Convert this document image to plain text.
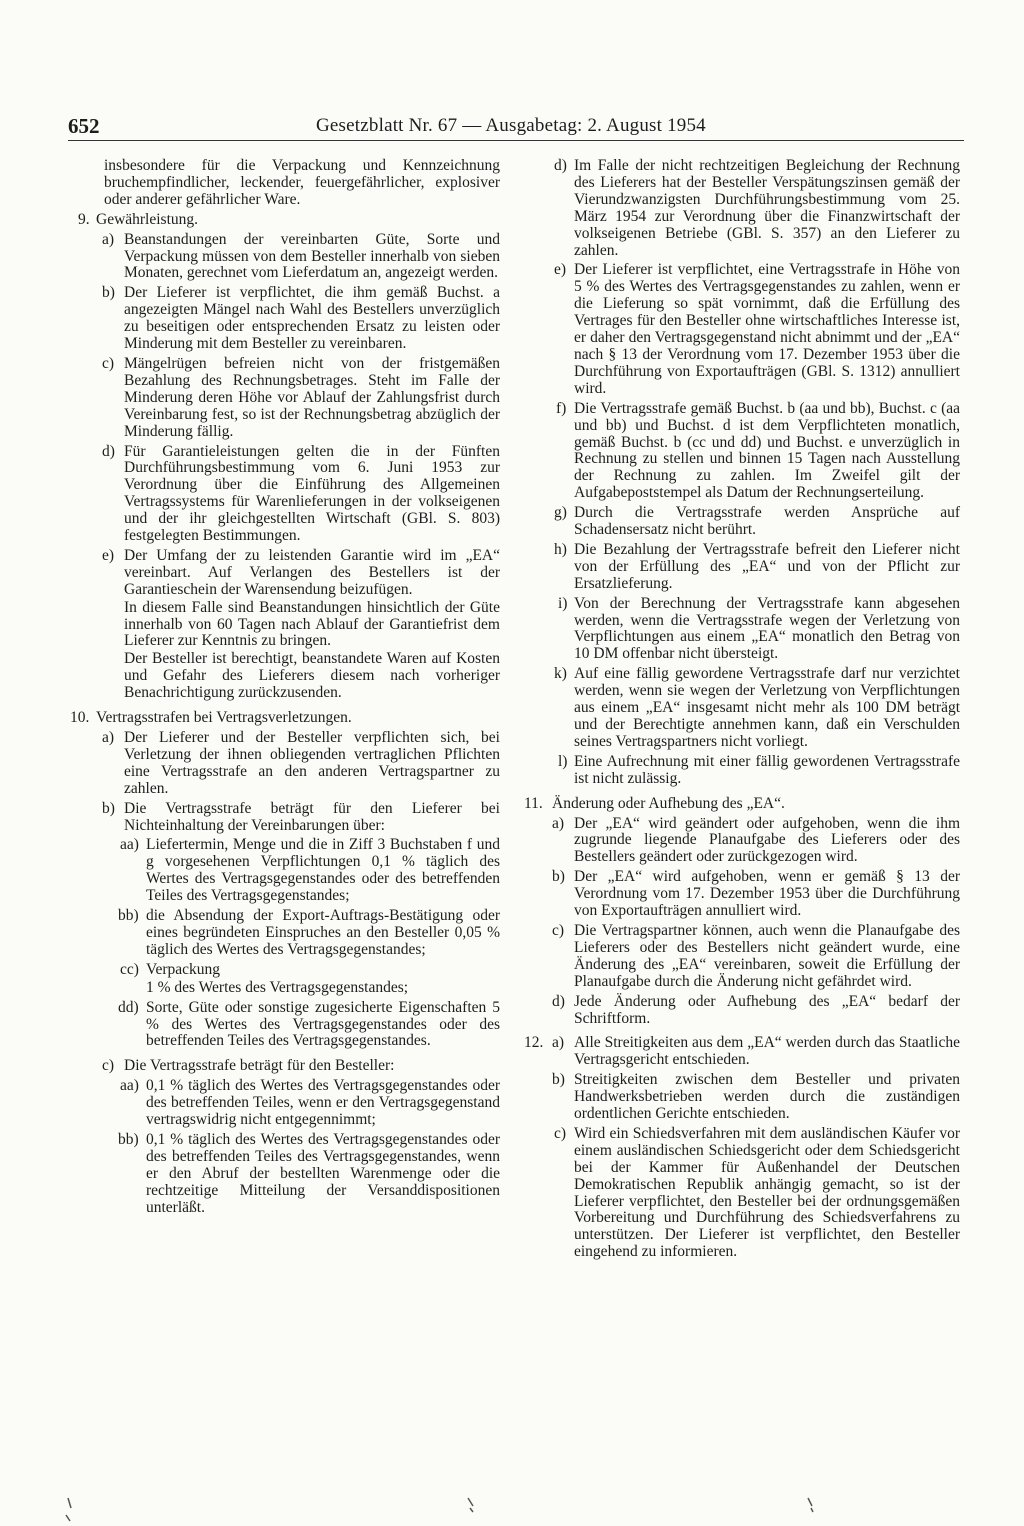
652	Gesetzblatt Nr. 67 — Ausgabetag: 2. August 1954

insbesondere für die Verpackung und Kennzeichnung bruchempfindlicher, leckender, feuergefährlicher, explosiver oder anderer gefährlicher Ware.

9. Gewährleistung.

a) Beanstandungen der vereinbarten Güte, Sorte und Verpackung müssen von dem Besteller innerhalb von sieben Monaten, gerechnet vom Lieferdatum an, angezeigt werden.

b) Der Lieferer ist verpflichtet, die ihm gemäß Buchst. a angezeigten Mängel nach Wahl des Bestellers unverzüglich zu beseitigen oder entsprechenden Ersatz zu leisten oder Minderung mit dem Besteller zu vereinbaren.

c) Mängelrügen befreien nicht von der fristgemäßen Bezahlung des Rechnungsbetrages. Steht im Falle der Minderung deren Höhe vor Ablauf der Zahlungsfrist durch Vereinbarung fest, so ist der Rechnungsbetrag abzüglich der Minderung fällig.

d) Für Garantieleistungen gelten die in der Fünften Durchführungsbestimmung vom 6. Juni 1953 zur Verordnung über die Einführung des Allgemeinen Vertragssystems für Warenlieferungen in der volkseigenen und der ihr gleichgestellten Wirtschaft (GBl. S. 803) festgelegten Bestimmungen.

e) Der Umfang der zu leistenden Garantie wird im „EA“ vereinbart. Auf Verlangen des Bestellers ist der Garantieschein der Warensendung beizufügen.

In diesem Falle sind Beanstandungen hinsichtlich der Güte innerhalb von 60 Tagen nach Ablauf der Garantiefrist dem Lieferer zur Kenntnis zu bringen.

Der Besteller ist berechtigt, beanstandete Waren auf Kosten und Gefahr des Lieferers diesem nach vorheriger Benachrichtigung zurückzusenden.

10. Vertragsstrafen bei Vertragsverletzungen.

a) Der Lieferer und der Besteller verpflichten sich, bei Verletzung der ihnen obliegenden vertraglichen Pflichten eine Vertragsstrafe an den anderen Vertragspartner zu zahlen.

b) Die Vertragsstrafe beträgt für den Lieferer bei Nichteinhaltung der Vereinbarungen über:

aa) Liefertermin, Menge und die in Ziff 3 Buchstaben f und g vorgesehenen Verpflichtungen 0,1 % täglich des Wertes des Vertragsgegenstandes oder des betreffenden Teiles des Vertragsgegenstandes;

bb) die Absendung der Export-Auftrags-Bestätigung oder eines begründeten Einspruches an den Besteller 0,05 % täglich des Wertes des Vertragsgegenstandes;

cc) Verpackung

1 % des Wertes des Vertragsgegenstandes;

dd) Sorte, Güte oder sonstige zugesicherte Eigenschaften 5 % des Wertes des Vertragsgegenstandes oder des betreffenden Teiles des Vertragsgegenstandes.

c) Die Vertragsstrafe beträgt für den Besteller:

aa) 0,1 % täglich des Wertes des Vertragsgegenstandes oder des betreffenden Teiles, wenn er den Vertragsgegenstand vertragswidrig nicht entgegennimmt;

bb) 0,1 % täglich des Wertes des Vertragsgegenstandes oder des betreffenden Teiles des Vertragsgegenstandes, wenn er den Abruf der bestellten Warenmenge oder die rechtzeitige Mitteilung der Versanddispositionen unterläßt.

d) Im Falle der nicht rechtzeitigen Begleichung der Rechnung des Lieferers hat der Besteller Verspätungszinsen gemäß der Vierundzwanzigsten Durchführungsbestimmung vom 25. März 1954 zur Verordnung über die Finanzwirtschaft der volkseigenen Betriebe (GBl. S. 357) an den Lieferer zu zahlen.

e) Der Lieferer ist verpflichtet, eine Vertragsstrafe in Höhe von 5 % des Wertes des Vertragsgegenstandes zu zahlen, wenn er die Lieferung so spät vornimmt, daß die Erfüllung des Vertrages für den Besteller ohne wirtschaftliches Interesse ist, er daher den Vertragsgegenstand nicht abnimmt und der „EA“ nach § 13 der Verordnung vom 17. Dezember 1953 über die Durchführung von Exportaufträgen (GBl. S. 1312) annulliert wird.

f) Die Vertragsstrafe gemäß Buchst. b (aa und bb), Buchst. c (aa und bb) und Buchst. d ist dem Verpflichteten monatlich, gemäß Buchst. b (cc und dd) und Buchst. e unverzüglich in Rechnung zu stellen und binnen 15 Tagen nach Ausstellung der Rechnung zu zahlen. Im Zweifel gilt der Aufgabepoststempel als Datum der Rechnungserteilung.

g) Durch die Vertragsstrafe werden Ansprüche auf Schadensersatz nicht berührt.

h) Die Bezahlung der Vertragsstrafe befreit den Lieferer nicht von der Erfüllung des „EA“ und von der Pflicht zur Ersatzlieferung.

i) Von der Berechnung der Vertragsstrafe kann abgesehen werden, wenn die Vertragsstrafe wegen der Verletzung von Verpflichtungen aus einem „EA“ monatlich den Betrag von 10 DM offenbar nicht übersteigt.

k) Auf eine fällig gewordene Vertragsstrafe darf nur verzichtet werden, wenn sie wegen der Verletzung von Verpflichtungen aus einem „EA“ insgesamt nicht mehr als 100 DM beträgt und der Berechtigte annehmen kann, daß ein Verschulden seines Vertragspartners nicht vorliegt.

l) Eine Aufrechnung mit einer fällig gewordenen Vertragsstrafe ist nicht zulässig.

11. Änderung oder Aufhebung des „EA“.

a) Der „EA“ wird geändert oder aufgehoben, wenn die ihm zugrunde liegende Planaufgabe des Lieferers oder des Bestellers geändert oder zurückgezogen wird.

b) Der „EA“ wird aufgehoben, wenn er gemäß § 13 der Verordnung vom 17. Dezember 1953 über die Durchführung von Exportaufträgen annulliert wird.

c) Die Vertragspartner können, auch wenn die Planaufgabe des Lieferers oder des Bestellers nicht geändert wurde, eine Änderung des „EA“ vereinbaren, soweit die Erfüllung der Planaufgabe durch die Änderung nicht gefährdet wird.

d) Jede Änderung oder Aufhebung des „EA“ bedarf der Schriftform.

12. a) Alle Streitigkeiten aus dem „EA“ werden durch das Staatliche Vertragsgericht entschieden.

b) Streitigkeiten zwischen dem Besteller und privaten Handwerksbetrieben werden durch die zuständigen ordentlichen Gerichte entschieden.

c) Wird ein Schiedsverfahren mit dem ausländischen Käufer vor einem ausländischen Schiedsgericht oder dem Schiedsgericht bei der Kammer für Außenhandel der Deutschen Demokratischen Republik anhängig gemacht, so ist der Lieferer verpflichtet, den Besteller bei der ordnungsgemäßen Vorbereitung und Durchführung des Schiedsverfahrens zu unterstützen. Der Lieferer ist verpflichtet, den Besteller eingehend zu informieren.
